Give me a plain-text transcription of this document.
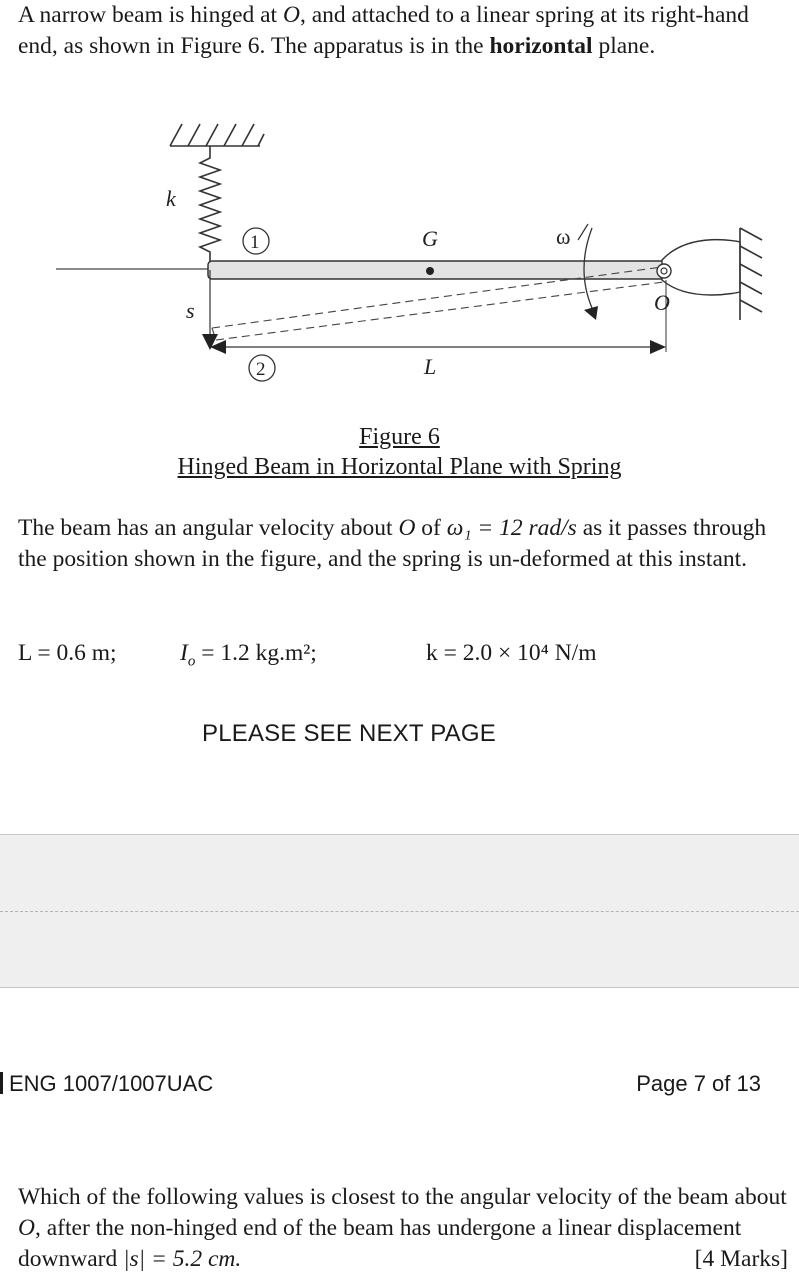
A narrow beam is hinged at O, and attached to a linear spring at its right-hand end, as shown in Figure 6. The apparatus is in the horizontal plane.
k
1	G	ω
s	O
2	L
Figure 6
Hinged Beam in Horizontal Plane with Spring
The beam has an angular velocity about O of ω₁ = 12 rad/s as it passes through the position shown in the figure, and the spring is un-deformed at this instant.
L = 0.6 m;	$I_o = 1.2$ kg.m²;	k = 2.0 × 10⁴ N/m
PLEASE SEE NEXT PAGE
ENG 1007/1007UAC	Page 7 of 13
Which of the following values is closest to the angular velocity of the beam about O, after the non-hinged end of the beam has undergone a linear displacement downward |s| = 5.2 cm.	[4 Marks]
